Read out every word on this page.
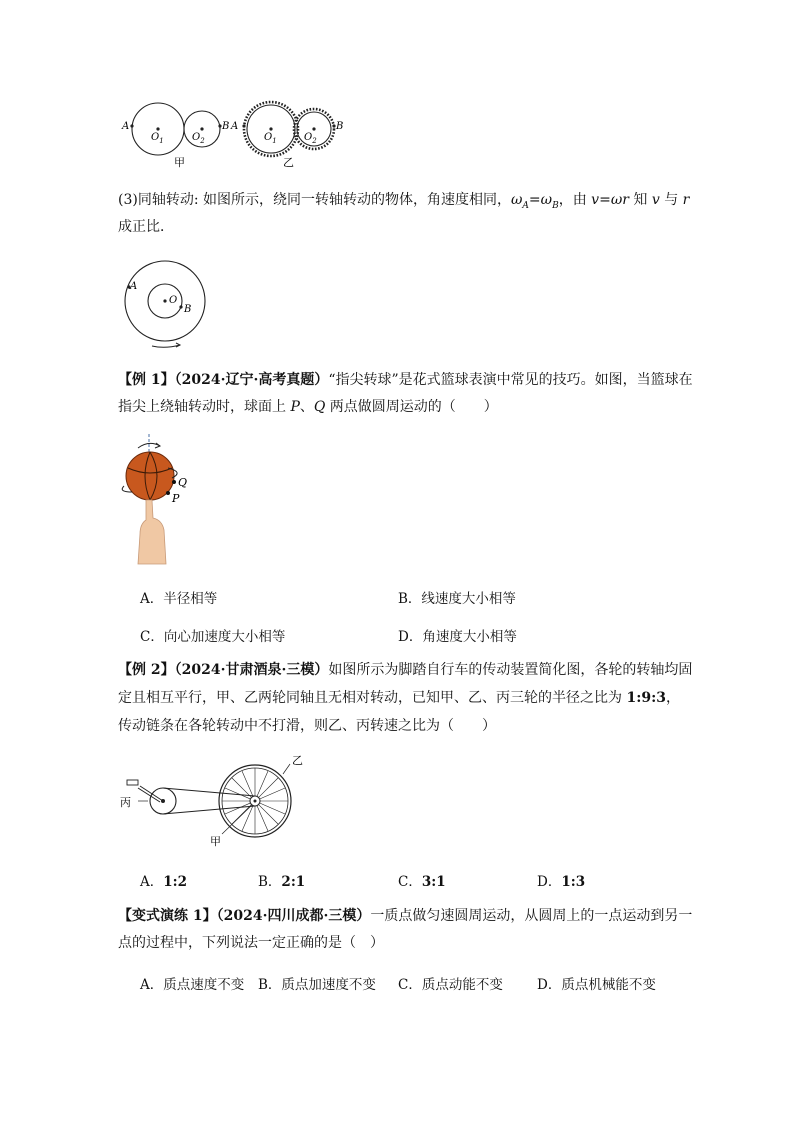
A
$O_1$	$O_2$
B
甲
A
$O_1$	$O_2$
B
乙
(3)同轴转动: 如图所示，绕同一转轴转动的物体，角速度相同，$\omega_A=\omega_B$，由 v=ωr 知 v 与 r
成正比．
A
O
B
【例 1】（2024·辽宁·高考真题）“指尖转球”是花式篮球表演中常见的技巧。如图，当篮球在
指尖上绕轴转动时，球面上 P、Q 两点做圆周运动的（　　）
Q
P
A．半径相等	B．线速度大小相等
C．向心加速度大小相等	D．角速度大小相等
【例 2】（2024·甘肃酒泉·三模）如图所示为脚踏自行车的传动装置简化图，各轮的转轴均固
定且相互平行，甲、乙两轮同轴且无相对转动，已知甲、乙、丙三轮的半径之比为 1:9:3，
传动链条在各轮转动中不打滑，则乙、丙转速之比为（　　）
乙
丙
甲
A．1:2	B．2:1	C．3:1	D．1:3
【变式演练 1】（2024·四川成都·三模）一质点做匀速圆周运动，从圆周上的一点运动到另一
点的过程中，下列说法一定正确的是（　）
A．质点速度不变 B．质点加速度不变 C．质点动能不变	D．质点机械能不变
